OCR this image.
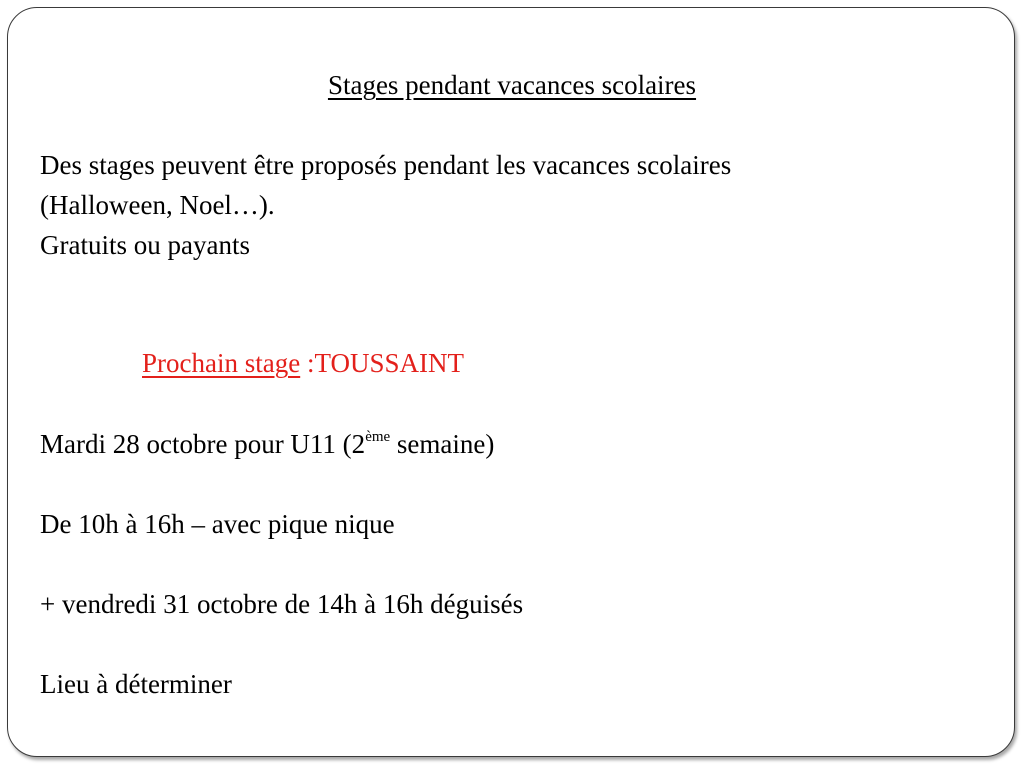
Stages pendant vacances scolaires
Des stages peuvent être proposés pendant les vacances scolaires
(Halloween, Noel…).
Gratuits ou payants
Prochain stage :TOUSSAINT
Mardi 28 octobre pour U11 (2ème semaine)
De 10h à 16h – avec pique nique
+ vendredi 31 octobre de 14h à 16h déguisés
Lieu à déterminer
